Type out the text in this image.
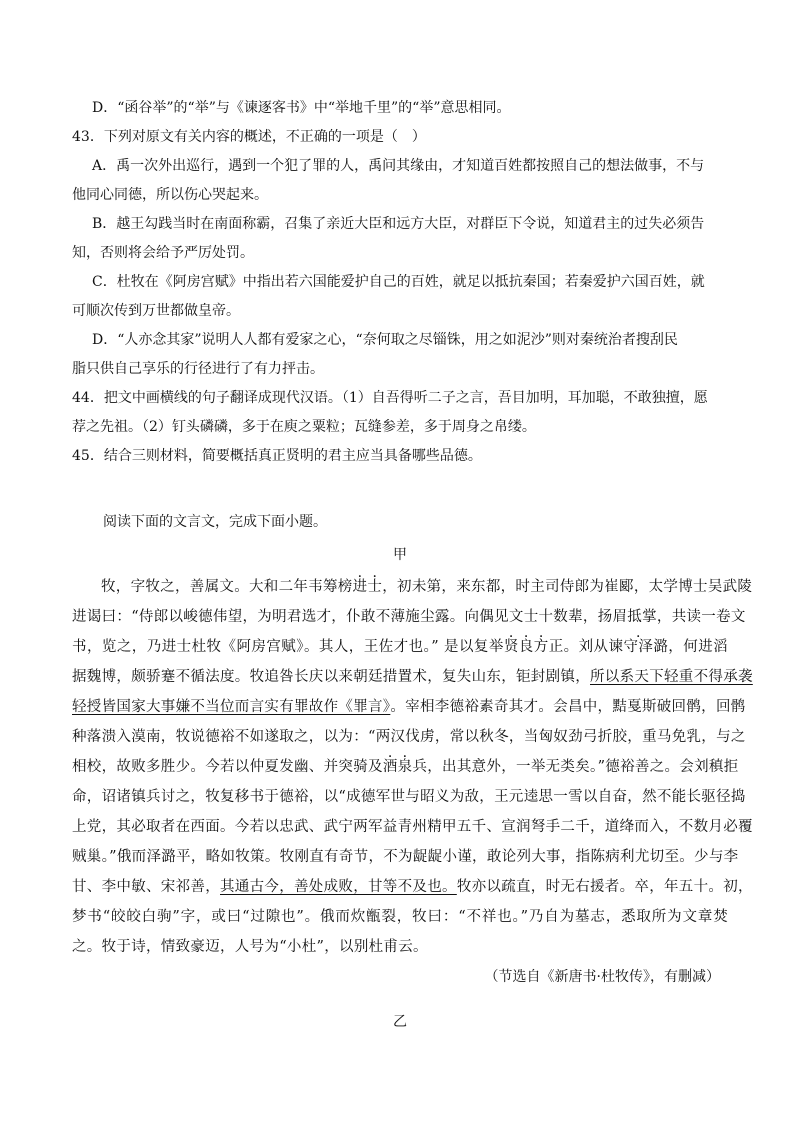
D．“函谷举”的“举”与《谏逐客书》中“举地千里”的“举”意思相同。
43．下列对原文有关内容的概述，不正确的一项是（　）
A．禹一次外出巡行，遇到一个犯了罪的人，禹问其缘由，才知道百姓都按照自己的想法做事，不与
他同心同德，所以伤心哭起来。
B．越王勾践当时在南面称霸，召集了亲近大臣和远方大臣，对群臣下令说，知道君主的过失必须告
知，否则将会给予严厉处罚。
C．杜牧在《阿房宫赋》中指出若六国能爱护自己的百姓，就足以抵抗秦国；若秦爱护六国百姓，就
可顺次传到万世都做皇帝。
D．“人亦念其家”说明人人都有爱家之心，“奈何取之尽锱铢，用之如泥沙”则对秦统治者搜刮民
脂只供自己享乐的行径进行了有力抨击。
44．把文中画横线的句子翻译成现代汉语。（1）自吾得听二子之言，吾目加明，耳加聪，不敢独擅，愿
荐之先祖。（2）钉头磷磷，多于在庾之粟粒；瓦缝参差，多于周身之帛缕。
45．结合三则材料，简要概括真正贤明的君主应当具备哪些品德。
阅读下面的文言文，完成下面小题。
甲
牧，字牧之，善属文。大和二年韦筹榜进士，初未第，来东都，时主司侍郎为崔郾，太学博士吴武陵
进谒曰：“侍郎以峻德伟望，为明君选才，仆敢不薄施尘露。向偶见文士十数辈，扬眉抵掌，共读一卷文
书，览之，乃进士杜牧《阿房宫赋》。其人，王佐才也。” 是以复举贤良方正。刘从谏守泽潞，何进滔 ·
据魏博，颇骄蹇不循法度。牧追咎长庆以来朝廷措置术，复失山东，钜封剧镇，所以系天下轻重不得承袭
轻授皆国家大事嫌不当位而言实有罪故作《罪言》。宰相李德裕素奇其才。会昌中，黠戛斯破回鹘，回鹘
种落溃入漠南，牧说德裕不如遂取之，以为：“两汉伐虏，常以秋冬，当匈奴劲弓折胶，重马免乳，与之
相校，故败多胜少。今若以仲夏发幽、并突骑及酒泉兵，出其意外，一举无类矣。”德裕善之。会刘稹拒
命，诏诸镇兵讨之，牧复移书于德裕，以“成德军世与昭义为敌，王元逵思一雪以自奋，然不能长驱径捣
上党，其必取者在西面。今若以忠武、武宁两军益青州精甲五千、宣润弩手二千，道绛而入，不数月必覆
贼巢。”俄而泽潞平，略如牧策。牧刚直有奇节，不为龊龊小谨，敢论列大事，指陈病利尤切至。少与李
甘、李中敏、宋祁善，其通古今，善处成败，甘等不及也。牧亦以疏直，时无右援者。卒，年五十。初，
梦书“皎皎白驹”字，或曰“过隙也”。俄而炊甑裂，牧曰：“不祥也。”乃自为墓志，悉取所为文章焚
之。牧于诗，情致豪迈，人号为“小杜”，以别杜甫云。
（节选自《新唐书·杜牧传》，有删减）
乙
